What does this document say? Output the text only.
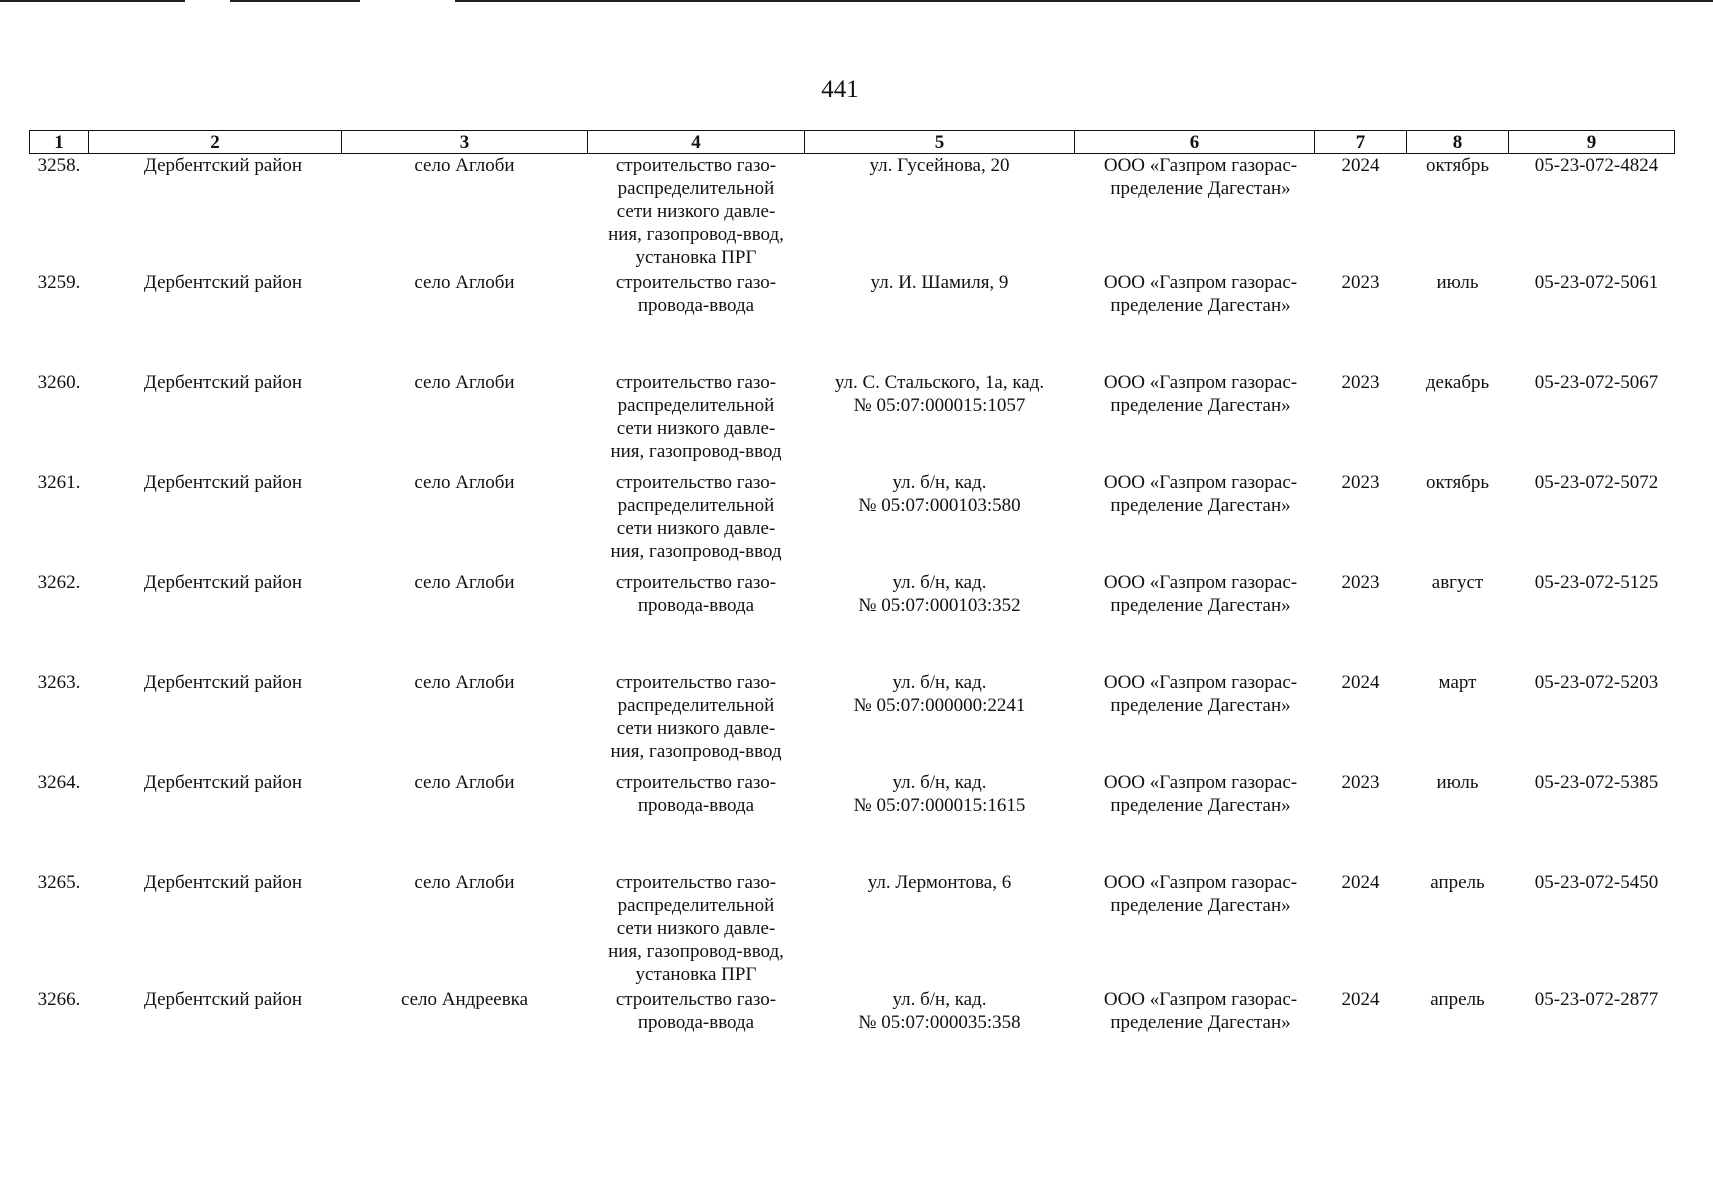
441
1	2	3	4	5	6	7	8	9
3258.	Дербентский район	село Аглоби	строительство газо-
распределительной
сети низкого давле-
ния, газопровод-ввод,
установка ПРГ	ул. Гусейнова, 20	ООО «Газпром газорас-
пределение Дагестан»	2024	октябрь	05-23-072-4824
3259.	Дербентский район	село Аглоби	строительство газо-
провода-ввода	ул. И. Шамиля, 9	ООО «Газпром газорас-
пределение Дагестан»	2023	июль	05-23-072-5061
3260.	Дербентский район	село Аглоби	строительство газо-
распределительной
сети низкого давле-
ния, газопровод-ввод	ул. С. Стальского, 1а, кад.
№ 05:07:000015:1057	ООО «Газпром газорас-
пределение Дагестан»	2023	декабрь	05-23-072-5067
3261.	Дербентский район	село Аглоби	строительство газо-
распределительной
сети низкого давле-
ния, газопровод-ввод	ул. б/н, кад.
№ 05:07:000103:580	ООО «Газпром газорас-
пределение Дагестан»	2023	октябрь	05-23-072-5072
3262.	Дербентский район	село Аглоби	строительство газо-
провода-ввода	ул. б/н, кад.
№ 05:07:000103:352	ООО «Газпром газорас-
пределение Дагестан»	2023	август	05-23-072-5125
3263.	Дербентский район	село Аглоби	строительство газо-
распределительной
сети низкого давле-
ния, газопровод-ввод	ул. б/н, кад.
№ 05:07:000000:2241	ООО «Газпром газорас-
пределение Дагестан»	2024	март	05-23-072-5203
3264.	Дербентский район	село Аглоби	строительство газо-
провода-ввода	ул. б/н, кад.
№ 05:07:000015:1615	ООО «Газпром газорас-
пределение Дагестан»	2023	июль	05-23-072-5385
3265.	Дербентский район	село Аглоби	строительство газо-
распределительной
сети низкого давле-
ния, газопровод-ввод,
установка ПРГ	ул. Лермонтова, 6	ООО «Газпром газорас-
пределение Дагестан»	2024	апрель	05-23-072-5450
3266.	Дербентский район	село Андреевка	строительство газо-
провода-ввода	ул. б/н, кад.
№ 05:07:000035:358	ООО «Газпром газорас-
пределение Дагестан»	2024	апрель	05-23-072-2877
